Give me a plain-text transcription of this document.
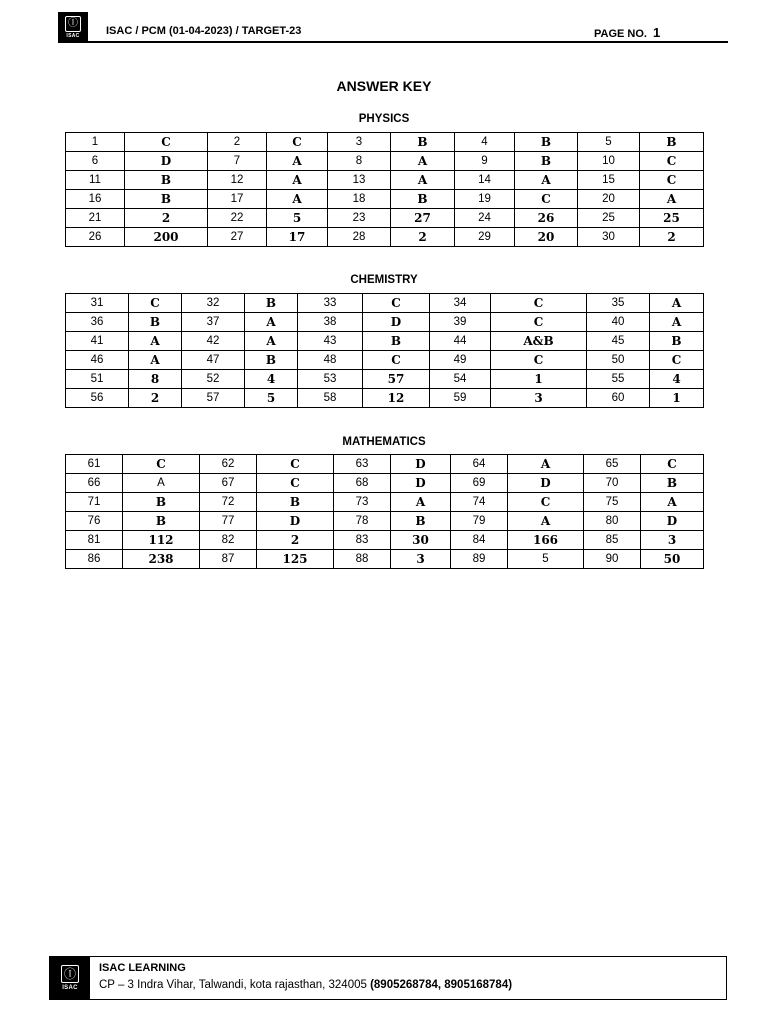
Ⓘ
ISAC ISAC / PCM (01-04-2023) / TARGET-23	PAGE NO. 1
ANSWER KEY
PHYSICS
1	C	2	C	3	B	4	B	5	B
6	D	7	A	8	A	9	B	10	C
11	B	12	A	13	A	14	A	15	C
16	B	17	A	18	B	19	C	20	A
21	2	22	5	23	27	24	26	25	25
26	200	27	17	28	2	29	20	30	2
CHEMISTRY
31	C	32	B	33	C	34	C	35	A
36	B	37	A	38	D	39	C	40	A
41	A	42	A	43	B	44	A&B	45	B
46	A	47	B	48	C	49	C	50	C
51	8	52	4	53	57	54	1	55	4
56	2	57	5	58	12	59	3	60	1
MATHEMATICS
61	C	62	C	63	D	64	A	65	C
66	A	67	C	68	D	69	D	70	B
71	B	72	B	73	A	74	C	75	A
76	B	77	D	78	B	79	A	80	D
81	112	82	2	83	30	84	166	85	3
86	238	87	125	88	3	89	5	90	50
Ⓘ
ISAC
ISAC LEARNING
CP – 3 Indra Vihar, Talwandi, kota rajasthan, 324005 (8905268784, 8905168784)
